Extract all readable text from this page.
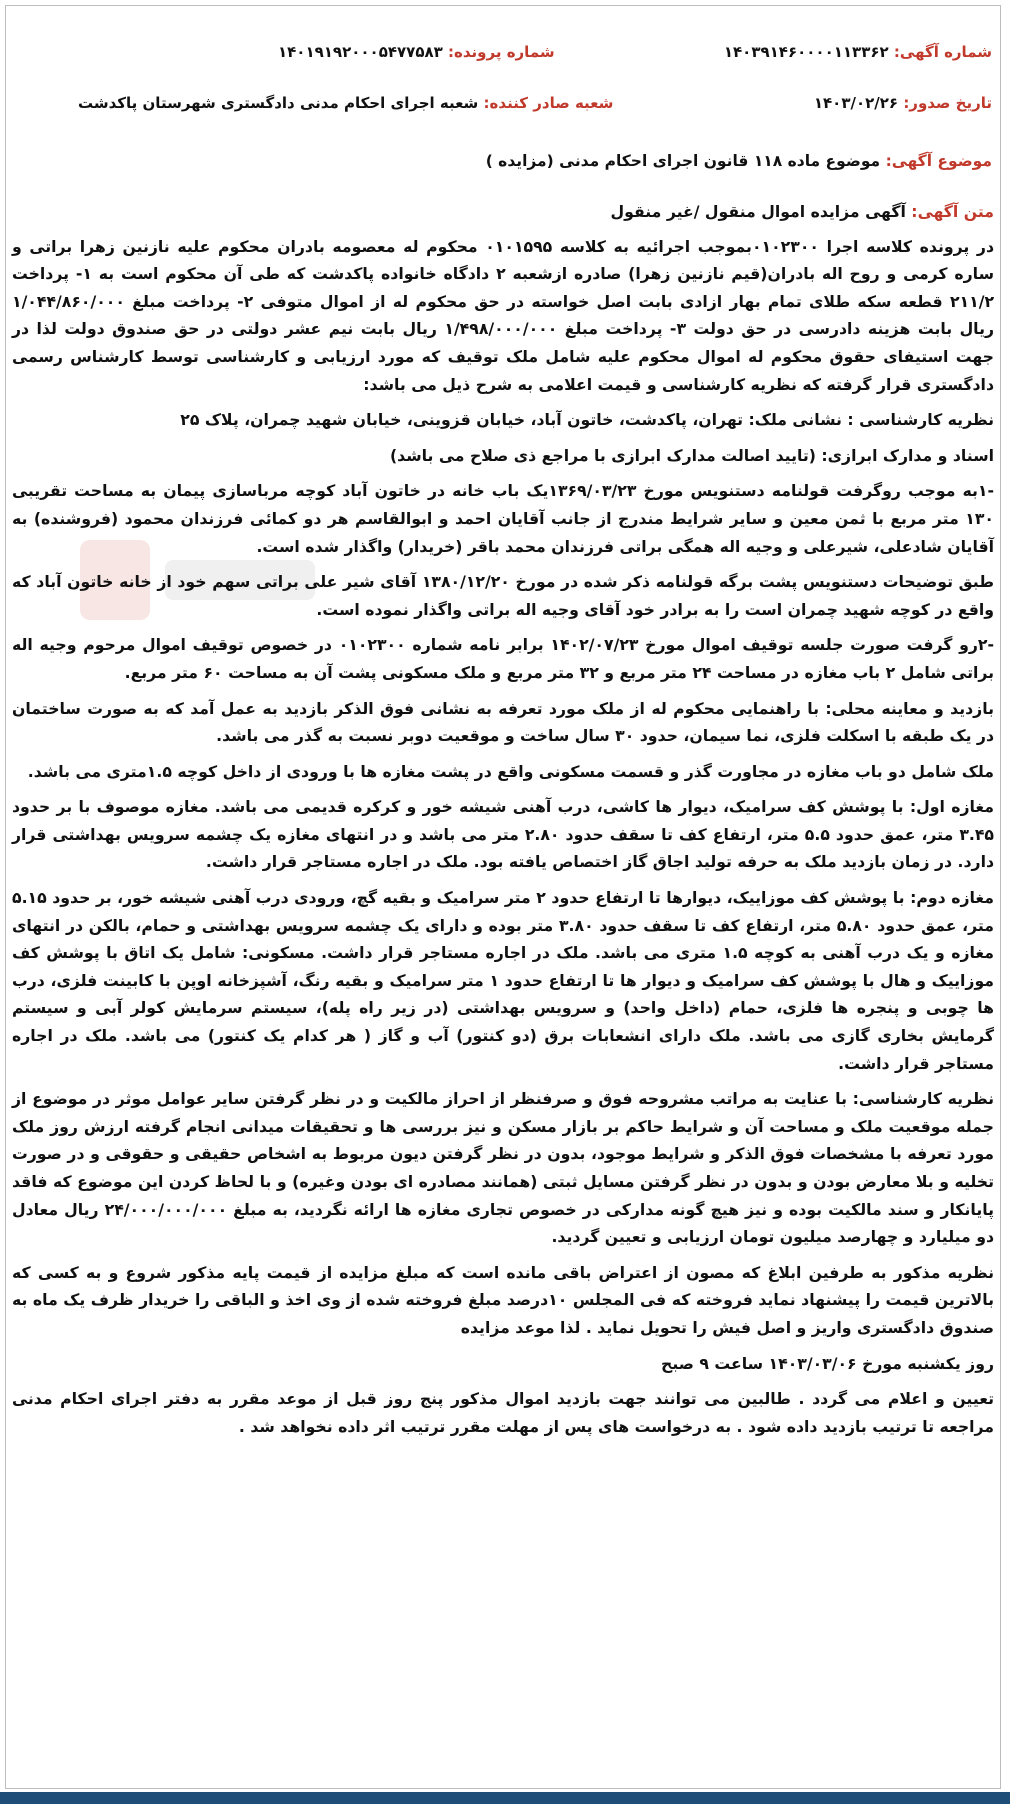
شماره آگهی: ۱۴۰۳۹۱۴۶۰۰۰۰۱۱۳۳۶۲
شماره پرونده: ۱۴۰۱۹۱۹۲۰۰۰۵۴۷۷۵۸۳
تاریخ صدور: ۱۴۰۳/۰۲/۲۶
شعبه صادر کننده: شعبه اجرای احکام مدنی دادگستری شهرستان پاکدشت
موضوع آگهی: موضوع ماده ۱۱۸ قانون اجرای احکام مدنی (مزایده )

متن آگهی: آگهی مزایده اموال منقول /غیر منقول

در پرونده کلاسه اجرا ۰۱۰۲۳۰۰بموجب اجرائیه به کلاسه ۰۱۰۱۵۹۵ محکوم له معصومه بادران محکوم علیه نازنین زهرا براتی و ساره کرمی و روح اله بادران(قیم نازنین زهرا) صادره ازشعبه ۲ دادگاه خانواده پاکدشت که طی آن محکوم است به ۱- پرداخت ۲۱۱/۲ قطعه سکه طلای تمام بهار ازادی بابت اصل خواسته در حق محکوم له از اموال متوفی ۲- پرداخت مبلغ ۱/۰۴۴/۸۶۰/۰۰۰ ریال بابت هزینه دادرسی در حق دولت ۳- پرداخت مبلغ ۱/۴۹۸/۰۰۰/۰۰۰ ریال بابت نیم عشر دولتی در حق صندوق دولت لذا در جهت استیفای حقوق محکوم له اموال محکوم علیه شامل ملک توقیف که مورد ارزیابی و کارشناسی توسط کارشناس رسمی دادگستری قرار گرفته که نظریه کارشناسی و قیمت اعلامی به شرح ذیل می باشد:

نظریه کارشناسی : نشانی ملک: تهران، پاکدشت، خاتون آباد، خیابان قزوینی، خیابان شهید چمران، پلاک ۲۵

اسناد و مدارک ابرازی: (تایید اصالت مدارک ابرازی با مراجع ذی صلاح می باشد)

-۱به موجب روگرفت قولنامه دستنویس مورخ ۱۳۶۹/۰۳/۲۳یک باب خانه در خاتون آباد کوچه مرباسازی پیمان به مساحت تقریبی ۱۳۰ متر مربع با ثمن معین و سایر شرایط مندرج از جانب آقایان احمد و ابوالقاسم هر دو کمائی فرزندان محمود (فروشنده) به آقایان شادعلی، شیرعلی و وجیه اله همگی براتی فرزندان محمد باقر (خریدار) واگذار شده است.

طبق توضیحات دستنویس پشت برگه قولنامه ذکر شده در مورخ ۱۳۸۰/۱۲/۲۰ آقای شیر علی براتی سهم خود از خانه خاتون آباد که واقع در کوچه شهید چمران است را به برادر خود آقای وجیه اله براتی واگذار نموده است.

-۲رو گرفت صورت جلسه توقیف اموال مورخ ۱۴۰۲/۰۷/۲۳ برابر نامه شماره ۰۱۰۲۳۰۰ در خصوص توقیف اموال مرحوم وجیه اله براتی شامل ۲ باب مغازه در مساحت ۲۴ متر مربع و ۳۲ متر مربع و ملک مسکونی پشت آن به مساحت ۶۰ متر مربع.

بازدید و معاینه محلی: با راهنمایی محکوم له از ملک مورد تعرفه به نشانی فوق الذکر بازدید به عمل آمد که به صورت ساختمان در یک طبقه با اسکلت فلزی، نما سیمان، حدود ۳۰ سال ساخت و موقعیت دوبر نسبت به گذر می باشد.

ملک شامل دو باب مغازه در مجاورت گذر و قسمت مسکونی واقع در پشت مغازه ها با ورودی از داخل کوچه ۱.۵متری می باشد.

مغازه اول: با پوشش کف سرامیک، دیوار ها کاشی، درب آهنی شیشه خور و کرکره قدیمی می باشد. مغازه موصوف با بر حدود ۳.۴۵ متر، عمق حدود ۵.۵ متر، ارتفاع کف تا سقف حدود ۲.۸۰ متر می باشد و در انتهای مغازه یک چشمه سرویس بهداشتی قرار دارد. در زمان بازدید ملک به حرفه تولید اجاق گاز اختصاص یافته بود. ملک در اجاره مستاجر قرار داشت.

مغازه دوم: با پوشش کف موزاییک، دیوارها تا ارتفاع حدود ۲ متر سرامیک و بقیه گچ، ورودی درب آهنی شیشه خور، بر حدود ۵.۱۵ متر، عمق حدود ۵.۸۰ متر، ارتفاع کف تا سقف حدود ۳.۸۰ متر بوده و دارای یک چشمه سرویس بهداشتی و حمام، بالکن در انتهای مغازه و یک درب آهنی به کوچه ۱.۵ متری می باشد. ملک در اجاره مستاجر قرار داشت. مسکونی: شامل یک اتاق با پوشش کف موزاییک و هال با پوشش کف سرامیک و دیوار ها تا ارتفاع حدود ۱ متر سرامیک و بقیه رنگ، آشپزخانه اوپن با کابینت فلزی، درب ها چوبی و پنجره ها فلزی، حمام (داخل واحد) و سرویس بهداشتی (در زیر راه پله)، سیستم سرمایش کولر آبی و سیستم گرمایش بخاری گازی می باشد. ملک دارای انشعابات برق (دو کنتور) آب و گاز ( هر کدام یک کنتور) می باشد. ملک در اجاره مستاجر قرار داشت.

نظریه کارشناسی: با عنایت به مراتب مشروحه فوق و صرفنظر از احراز مالکیت و در نظر گرفتن سایر عوامل موثر در موضوع از جمله موقعیت ملک و مساحت آن و شرایط حاکم بر بازار مسکن و نیز بررسی ها و تحقیقات میدانی انجام گرفته ارزش روز ملک مورد تعرفه با مشخصات فوق الذکر و شرایط موجود، بدون در نظر گرفتن دیون مربوط به اشخاص حقیقی و حقوقی و در صورت تخلیه و بلا معارض بودن و بدون در نظر گرفتن مسایل ثبتی (همانند مصادره ای بودن وغیره) و با لحاظ کردن این موضوع که فاقد پایانکار و سند مالکیت بوده و نیز هیچ گونه مدارکی در خصوص تجاری مغازه ها ارائه نگردید، به مبلغ ۲۴/۰۰۰/۰۰۰/۰۰۰ ریال معادل دو میلیارد و چهارصد میلیون تومان ارزیابی و تعیین گردید.

نظریه مذکور به طرفین ابلاغ که مصون از اعتراض باقی مانده است که مبلغ مزایده از قیمت پایه مذکور شروع و به کسی که بالاترین قیمت را پیشنهاد نماید فروخته که فی المجلس ۱۰درصد مبلغ فروخته شده از وی اخذ و الباقی را خریدار ظرف یک ماه به صندوق دادگستری واریز و اصل فیش را تحویل نماید . لذا موعد مزایده

روز یکشنبه مورخ ۱۴۰۳/۰۳/۰۶ ساعت ۹ صبح

تعیین و اعلام می گردد . طالبین می توانند جهت بازدید اموال مذکور پنج روز قبل از موعد مقرر به دفتر اجرای احکام مدنی مراجعه تا ترتیب بازدید داده شود . به درخواست های پس از مهلت مقرر ترتیب اثر داده نخواهد شد .
